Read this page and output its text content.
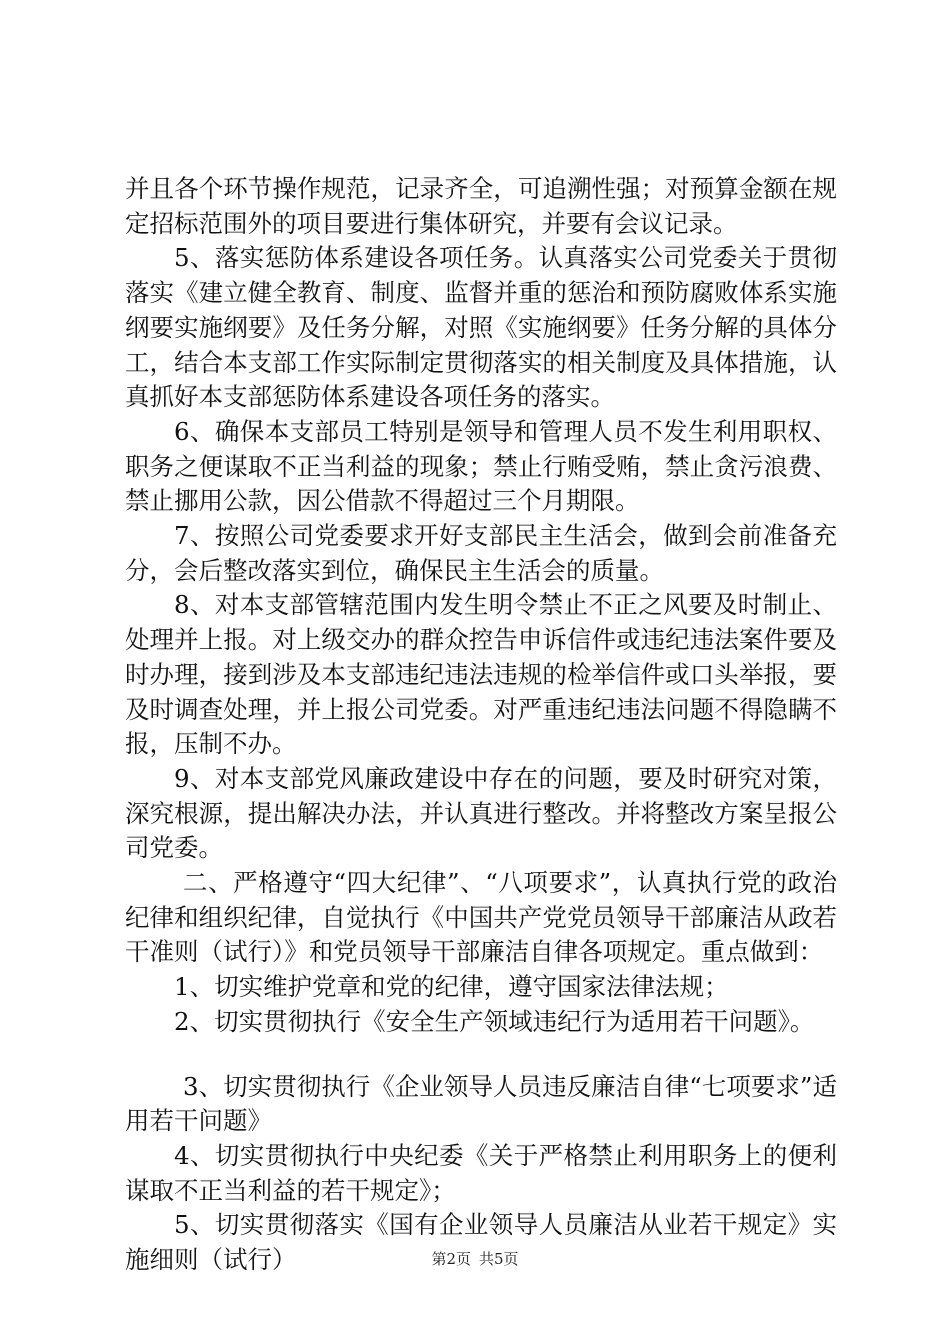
并且各个环节操作规范，记录齐全，可追溯性强；对预算金额在规定招标范围外的项目要进行集体研究，并要有会议记录。

5、落实惩防体系建设各项任务。认真落实公司党委关于贯彻落实《建立健全教育、制度、监督并重的惩治和预防腐败体系实施纲要实施纲要》及任务分解，对照《实施纲要》任务分解的具体分工，结合本支部工作实际制定贯彻落实的相关制度及具体措施，认真抓好本支部惩防体系建设各项任务的落实。

6、确保本支部员工特别是领导和管理人员不发生利用职权、职务之便谋取不正当利益的现象；禁止行贿受贿，禁止贪污浪费、禁止挪用公款，因公借款不得超过三个月期限。

7、按照公司党委要求开好支部民主生活会，做到会前准备充分，会后整改落实到位，确保民主生活会的质量。

8、对本支部管辖范围内发生明令禁止不正之风要及时制止、处理并上报。对上级交办的群众控告申诉信件或违纪违法案件要及时办理，接到涉及本支部违纪违法违规的检举信件或口头举报，要及时调查处理，并上报公司党委。对严重违纪违法问题不得隐瞒不报，压制不办。

9、对本支部党风廉政建设中存在的问题，要及时研究对策，深究根源，提出解决办法，并认真进行整改。并将整改方案呈报公司党委。

二、严格遵守“四大纪律”、“八项要求”，认真执行党的政治纪律和组织纪律，自觉执行《中国共产党党员领导干部廉洁从政若干准则（试行）》和党员领导干部廉洁自律各项规定。重点做到：

1、切实维护党章和党的纪律，遵守国家法律法规；

2、切实贯彻执行《安全生产领域违纪行为适用若干问题》。

3、切实贯彻执行《企业领导人员违反廉洁自律“七项要求”适用若干问题》

4、切实贯彻执行中央纪委《关于严格禁止利用职务上的便利谋取不正当利益的若干规定》；

5、切实贯彻落实《国有企业领导人员廉洁从业若干规定》实施细则（试行）	第2页 共5页
